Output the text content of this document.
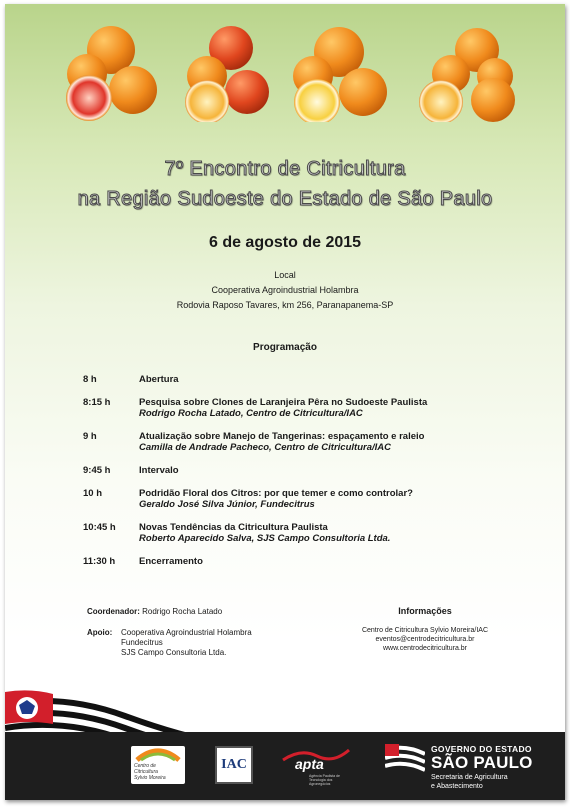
7º Encontro de Citricultura
na Região Sudoeste do Estado de São Paulo
6 de agosto de 2015
Local
Cooperativa Agroindustrial Holambra
Rodovia Raposo Tavares, km 256, Paranapanema-SP
Programação
8 h	Abertura
8:15 h	Pesquisa sobre Clones de Laranjeira Pêra no Sudoeste Paulista
Rodrigo Rocha Latado, Centro de Citricultura/IAC
9 h	Atualização sobre Manejo de Tangerinas: espaçamento e raleio
Camilla de Andrade Pacheco, Centro de Citricultura/IAC
9:45 h	Intervalo
10 h	Podridão Floral dos Citros: por que temer e como controlar?
Geraldo José Silva Júnior, Fundecitrus
10:45 h	Novas Tendências da Citricultura Paulista
Roberto Aparecido Salva, SJS Campo Consultoria Ltda.
11:30 h	Encerramento
Coordenador: Rodrigo Rocha Latado
Apoio:	Cooperativa Agroindustrial Holambra
Fundecitrus
SJS Campo Consultoria Ltda.
Informações
Centro de Citricultura Sylvio Moreira/IAC
eventos@centrodecitricultura.br
www.centrodecitricultura.br
Centro de Citricultura Sylvio Moreira
IAC	apta
Agência Paulista de Tecnologia dos Agronegócios
GOVERNO DO ESTADO
SÃO PAULO
Secretaria de Agricultura
e Abastecimento
